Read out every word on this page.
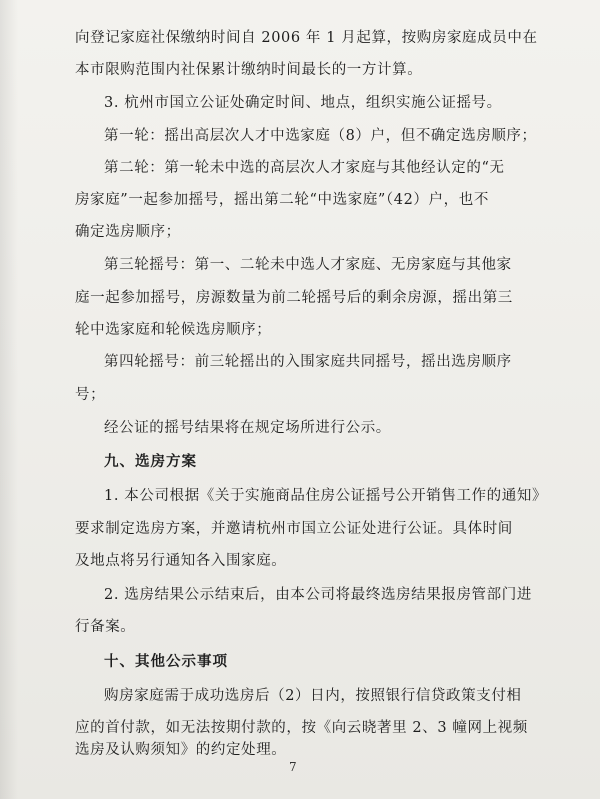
向登记家庭社保缴纳时间自 2006 年 1 月起算，按购房家庭成员中在
本市限购范围内社保累计缴纳时间最长的一方计算。
3. 杭州市国立公证处确定时间、地点，组织实施公证摇号。
第一轮：摇出高层次人才中选家庭（8）户，但不确定选房顺序；
第二轮：第一轮未中选的高层次人才家庭与其他经认定的“无
房家庭”一起参加摇号，摇出第二轮“中选家庭”（42）户，也不
确定选房顺序；
第三轮摇号：第一、二轮未中选人才家庭、无房家庭与其他家
庭一起参加摇号，房源数量为前二轮摇号后的剩余房源，摇出第三
轮中选家庭和轮候选房顺序；
第四轮摇号：前三轮摇出的入围家庭共同摇号，摇出选房顺序
号；
经公证的摇号结果将在规定场所进行公示。
九、选房方案
1. 本公司根据《关于实施商品住房公证摇号公开销售工作的通知》
要求制定选房方案，并邀请杭州市国立公证处进行公证。具体时间
及地点将另行通知各入围家庭。
2. 选房结果公示结束后，由本公司将最终选房结果报房管部门进
行备案。
十、其他公示事项
购房家庭需于成功选房后（2）日内，按照银行信贷政策支付相
应的首付款，如无法按期付款的，按《向云晓著里 2、3 幢网上视频
选房及认购须知》的约定处理。
7
